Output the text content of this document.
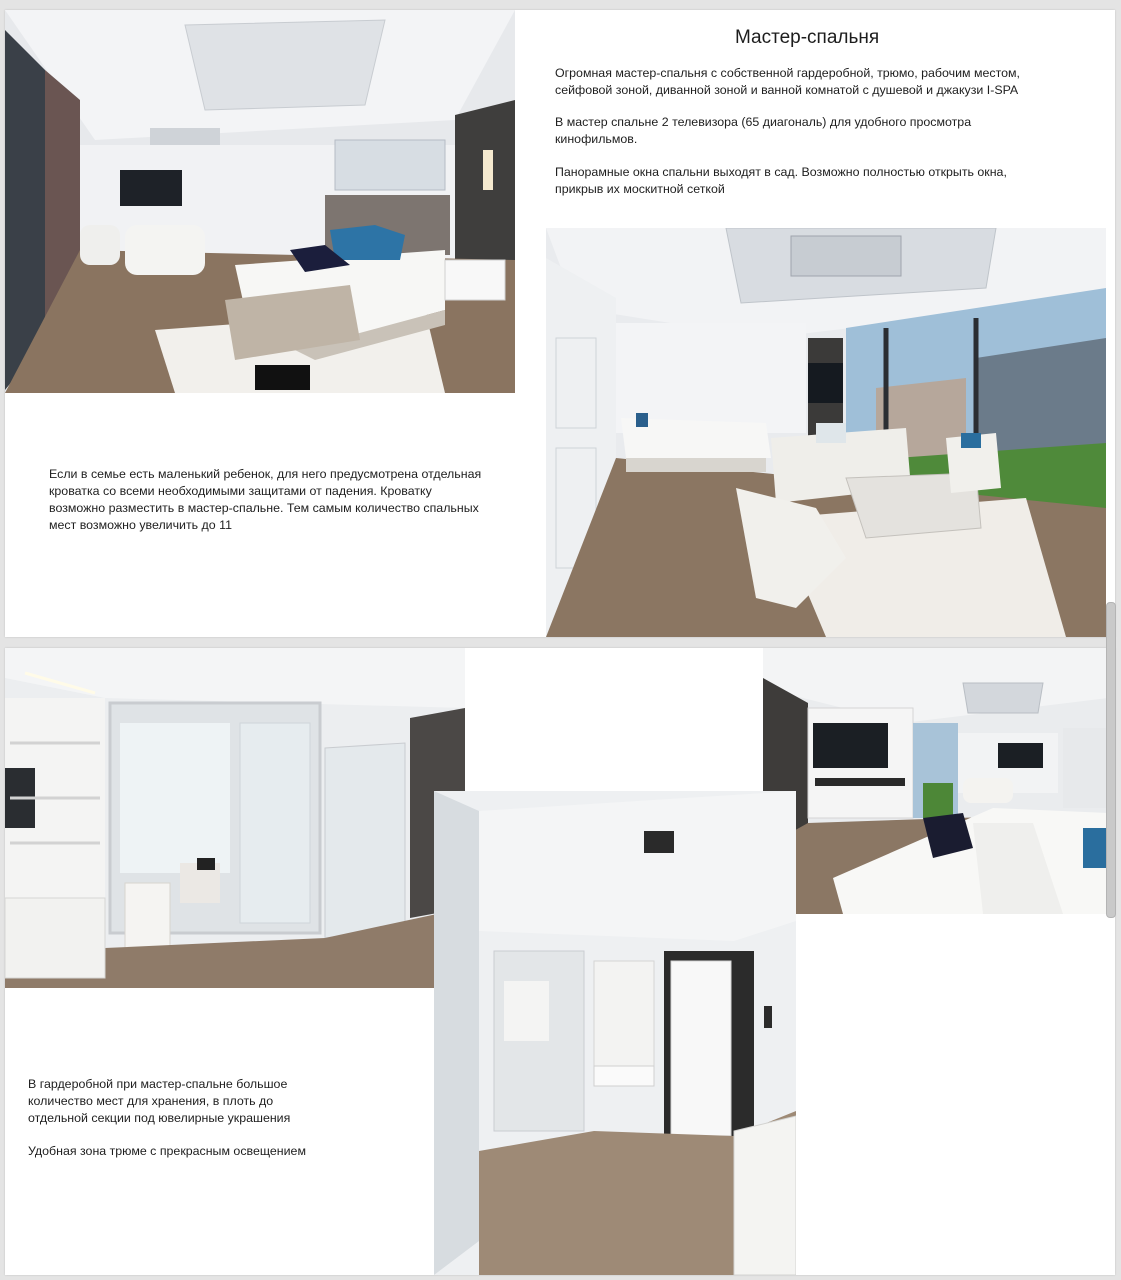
Мастер-спальня
Огромная мастер-спальня с собственной гардеробной, трюмо, рабочим местом,
сейфовой зоной, диванной зоной и ванной комнатой с душевой и джакузи I-SPA
В мастер спальне 2 телевизора (65 диагональ) для удобного просмотра
кинофильмов.
Панорамные окна спальни выходят в сад. Возможно полностью открыть окна,
прикрыв их москитной сеткой
Если в семье есть маленький ребенок, для него предусмотрена отдельная
кроватка со всеми необходимыми защитами от падения. Кроватку
возможно разместить в мастер-спальне. Тем самым количество спальных
мест возможно увеличить до 11
В гардеробной при мастер-спальне большое
количество мест для хранения, в плоть до
отдельной секции под ювелирные украшения
Удобная зона трюме с прекрасным освещением
